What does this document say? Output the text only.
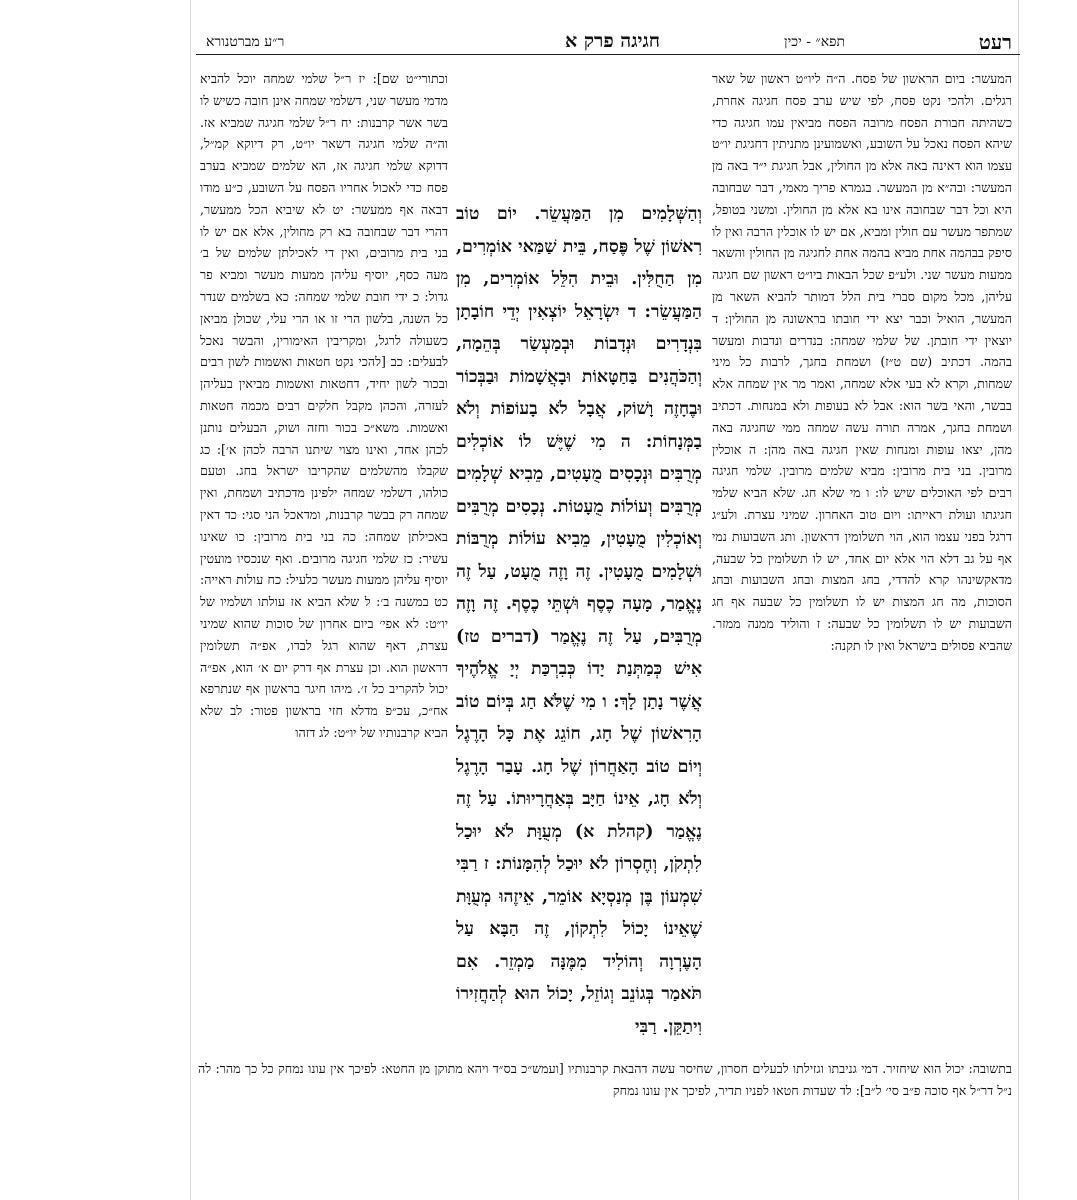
רעט
תפא״ - יכין
חגיגה פרק א
ר״ע מברטנורא

המעשר: ביום הראשון של פסח. ה״ה ליו״ט ראשון של שאר רגלים. ולהכי נקט פסח, לפי שיש ערב פסח חגיגה אחרת, כשהיתה חבורת הפסח מרובה הפסח מביאין עמו חגיגה כדי שיהא הפסח נאכל על השובע, ואשמועינן מתניתין דחגיגת יו״ט עצמו הוא דאינה באה אלא מן החולין, אבל חגיגת י״ד באה מן המעשר: ובה״א מן המעשר. בגמרא פריך מאמי, דבר שבחובה היא וכל דבר שבחובה אינו בא אלא מן החולין. ומשני בטופל, שמתפר מעשר עם חולין ומביא, אם יש לו אוכלין הרבה ואין לו סיפק בבהמה אחת מביא בהמה אחת לחגיגה מן החולין והשאר ממעות מעשר שני. ולע״פ שכל הבאות ביו״ט ראשון שם חגיגה עליהן, מכל מקום סברי בית הלל דמותר להביא השאר מן המעשר, הואיל וכבר יצא ידי חובתו בראשונה מן החולין: ד יוצאין ידי חובתן. של שלמי שמחה: בנדרים ונדבות ומעשר בהמה. דכתיב (שם ט״ז) ושמחת בחגך, לרבות כל מיני שמחות, וקרא לא בעי אלא שמחה, ואמר מר אין שמחה אלא בבשר, והאי בשר הוא: אבל לא בעופות ולא במנחות. דכתיב ושמחת בחגך, אמרה תורה עשה שמחה ממי שחגיגה באה מהן, יצאו עופות ומנחות שאין חגיגה באה מהן: ה אוכלין מרובין. בני בית מרובין: מביא שלמים מרובין. שלמי חגיגה רבים לפי האוכלים שיש לו: ו מי שלא חג. שלא הביא שלמי חגיגתו ועולת ראייתו: ויום טוב האחרון. שמיני עצרת. ולע״ג דרגל בפני עצמו הוא, הוי תשלומין דראשון. ותג השבועות נמי אף על גב דלא הוי אלא יום אחד, יש לו תשלומין כל שבעה, מדאקשינהו קרא להדדי, בחג המצות ובחג השבועות ובחג הסוכות, מה חג המצות יש לו תשלומין כל שבעה אף חג השבועות יש לו תשלומין כל שבעה: ז והוליד ממנה ממזר. שהביא פסולים בישראל ואין לו תקנה:

וְהַשְּׁלָמִים מִן הַמַּעֲשֵׂר. יוֹם טוֹב רִאשׁוֹן שֶׁל פֶּסַח, בֵּית שַׁמַּאי אוֹמְרִים, מִן הַחֻלִּין. וּבֵית הִלֵּל אוֹמְרִים, מִן הַמַּעֲשֵׂר: ד יִשְׂרָאֵל יוֹצְאִין יְדֵי חוֹבָתָן בִּנְדָרִים וּנְדָבוֹת וּבְמַעְשַׂר בְּהֵמָה, וְהַכֹּהֲנִים בַּחַטָּאוֹת וּבָאֲשָׁמוֹת וּבַבְּכוֹר וּבֶחָזֶה וָשׁוֹק, אֲבָל לֹא בָעוֹפוֹת וְלֹא בַמְּנָחוֹת: ה מִי שֶׁיֶּשׁ לוֹ אוֹכְלִים מְרֻבִּים וּנְכָסִים מֻעָטִים, מֵבִיא שְׁלָמִים מְרֻבִּים וְעוֹלוֹת מֻעָטוֹת. נְכָסִים מְרֻבִּים וְאוֹכְלִין מֻעָטִין, מֵבִיא עוֹלוֹת מְרֻבּוֹת וּשְׁלָמִים מֻעָטִין. זֶה וָזֶה מֻעָט, עַל זֶה נֶאֱמַר, מָעָה כֶסֶף וּשְׁתֵּי כֶסֶף. זֶה וָזֶה מְרֻבִּים, עַל זֶה נֶאֱמַר (דברים טז) אִישׁ כְּמַתְּנַת יָדוֹ כְּבִרְכַּת יְיָ אֱלֹהֶיךָ אֲשֶׁר נָתַן לָךְ: ו מִי שֶׁלֹּא חַג בְּיוֹם טוֹב הָרִאשׁוֹן שֶׁל חָג, חוֹגֵג אֶת כָּל הָרֶגֶל וְיוֹם טוֹב הָאַחֲרוֹן שֶׁל חָג. עָבַר הָרֶגֶל וְלֹא חָג, אֵינוֹ חַיָּב בְּאַחֲרָיוּתוֹ. עַל זֶה נֶאֱמַר (קהלת א) מְעֻוָּת לֹא יוּכַל לִתְקֹן, וְחֶסְרוֹן לֹא יוּכַל לְהִמָּנוֹת: ז רַבִּי שִׁמְעוֹן בֶּן מְנַסְיָא אוֹמֵר, אֵיזֶהוּ מְעֻוָּת שֶׁאֵינוֹ יָכוֹל לִתְקוֹן, זֶה הַבָּא עַל הָעֶרְוָה וְהוֹלִיד מִמֶּנָּה מַמְזֵר. אִם תֹּאמַר בְּגוֹנֵב וְגוֹזֵל, יָכוֹל הוּא לְהַחֲזִירוֹ וִיתַקֵּן. רַבִּי

וכתורי״ט שם]: יז ר״ל שלמי שמחה יוכל להביא מדמי מעשר שני, דשלמי שמחה אינן חובה כשיש לו בשר אשר קרבנות: יח ר״ל שלמי חגיגה שמביא אז. וה״ה שלמי חגיגה דשאר יו״ט, רק דיוקא קמ״ל, דדוקא שלמי חגיגה אז, הא שלמים שמביא בערב פסח כדי לאכול אחריו הפסח על השובע, כ״ע מודו דבאה אף ממעשר: יט לא שיביא הכל ממעשר, דהרי דבר שבחובה בא רק מחולין, אלא אם יש לו בני בית מרובים, ואין די לאכילתן שלמים של ב׳ מעה כסף, יוסיף עליהן ממעות מעשר ומביא פר גדול: כ ידי חובת שלמי שמחה: כא בשלמים שנדר כל השנה, בלשון הרי זו או הרי עלי, שכולן מביאן כשעולה לרגל, ומקריבין האימורין, והבשר נאכל לבעלים: כב [להכי נקט חטאות ואשמות לשון רבים ובכור לשון יחיד, דחטאות ואשמות מביאין בעליהן לעזרה, והכהן מקבל חלקים רבים מכמה חטאות ואשמות. משא״כ בכור וחזה ושוק, הבעלים נותנן לכהן אחד, ואינו מצוי שיתנו הרבה לכהן א׳]: כג שקבלו מהשלמים שהקריבו ישראל בחג. וטעם כולהו, דשלמי שמחה ילפינן מדכתיב ושמחת, ואין שמחה רק בבשר קרבנות, ומדאכל הני סגי: כד דאין באכילתן שמחה: כה בני בית מרובין: כו שאינו עשיר: כז שלמי חגיגה מרובים. ואף שנכסיו מועטין יוסיף עליהן ממעות מעשר כלעיל: כח עולות ראייה: כט במשנה ב׳: ל שלא הביא אז עולתו ושלמיו של יו״ט: לא אפי׳ ביום אחרון של סוכות שהוא שמיני עצרת, דאף שהוא רגל לבדו, אפ״ה תשלומין דראשון הוא. וכן עצרת אף דרק יום א׳ הוא, אפ״ה יכול להקריב כל ז׳. מיהו חיגר בראשון אף שנתרפא אח״כ, עכ״פ מדלא חזי בראשון פטור: לב שלא הביא קרבנותיו של יו״ט: לג דזהו

בתשובה: יכול הוא שיחזיר. דמי גניבתו וגזילתו לבעלים חסרון, שחיסר עשה דהבאת קרבנותיו [ועמש״כ בס״ד ויהא מתוקן מן החטא: לפיכך אין עונו נמחק כל כך מהר: לה נ״ל דר״ל אף סוכה פ״ב סי׳ ל״ב]: לד שעדות חטאו לפניו תדיר, לפיכך אין עונו נמחק
